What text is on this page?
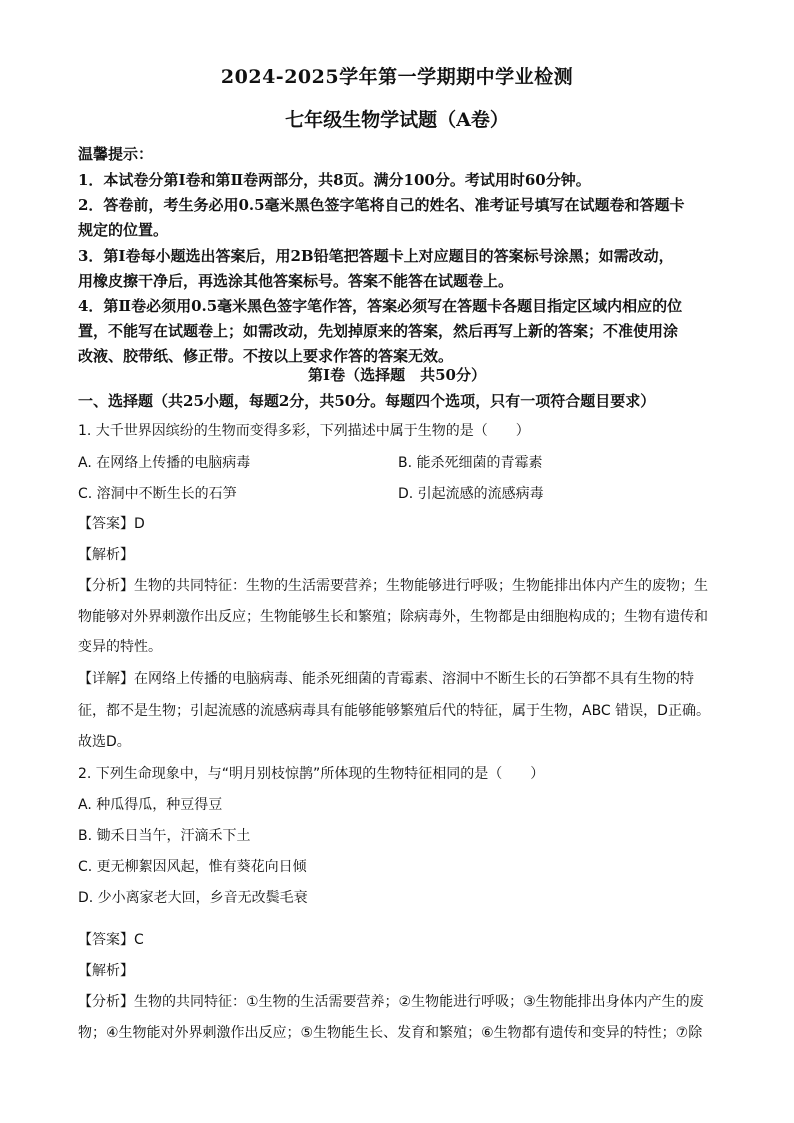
2024-2025学年第一学期期中学业检测
七年级生物学试题（A卷）
温馨提示：
1．本试卷分第Ⅰ卷和第Ⅱ卷两部分，共8页。满分100分。考试用时60分钟。
2．答卷前，考生务必用0.5毫米黑色签字笔将自己的姓名、准考证号填写在试题卷和答题卡
规定的位置。
3．第Ⅰ卷每小题选出答案后，用2B铅笔把答题卡上对应题目的答案标号涂黑；如需改动，
用橡皮擦干净后，再选涂其他答案标号。答案不能答在试题卷上。
4．第Ⅱ卷必须用0.5毫米黑色签字笔作答，答案必须写在答题卡各题目指定区域内相应的位
置，不能写在试题卷上；如需改动，先划掉原来的答案，然后再写上新的答案；不准使用涂
改液、胶带纸、修正带。不按以上要求作答的答案无效。
第Ⅰ卷（选择题　共50分）
一、选择题（共25小题，每题2分，共50分。每题四个选项，只有一项符合题目要求）
1. 大千世界因缤纷的生物而变得多彩，下列描述中属于生物的是（　　）
A. 在网络上传播的电脑病毒	B. 能杀死细菌的青霉素
C. 溶洞中不断生长的石笋	D. 引起流感的流感病毒
【答案】D
【解析】
【分析】生物的共同特征：生物的生活需要营养；生物能够进行呼吸；生物能排出体内产生的废物；生
物能够对外界刺激作出反应；生物能够生长和繁殖；除病毒外，生物都是由细胞构成的；生物有遗传和
变异的特性。
【详解】在网络上传播的电脑病毒、能杀死细菌的青霉素、溶洞中不断生长的石笋都不具有生物的特
征，都不是生物；引起流感的流感病毒具有能够能够繁殖后代的特征，属于生物，ABC 错误，D正确。
故选D。
2. 下列生命现象中，与“明月别枝惊鹊”所体现的生物特征相同的是（　　）
A. 种瓜得瓜，种豆得豆
B. 锄禾日当午，汗滴禾下土
C. 更无柳絮因风起，惟有葵花向日倾
D. 少小离家老大回，乡音无改鬓毛衰
【答案】C
【解析】
【分析】生物的共同特征：①生物的生活需要营养；②生物能进行呼吸；③生物能排出身体内产生的废
物；④生物能对外界刺激作出反应；⑤生物能生长、发育和繁殖；⑥生物都有遗传和变异的特性；⑦除
